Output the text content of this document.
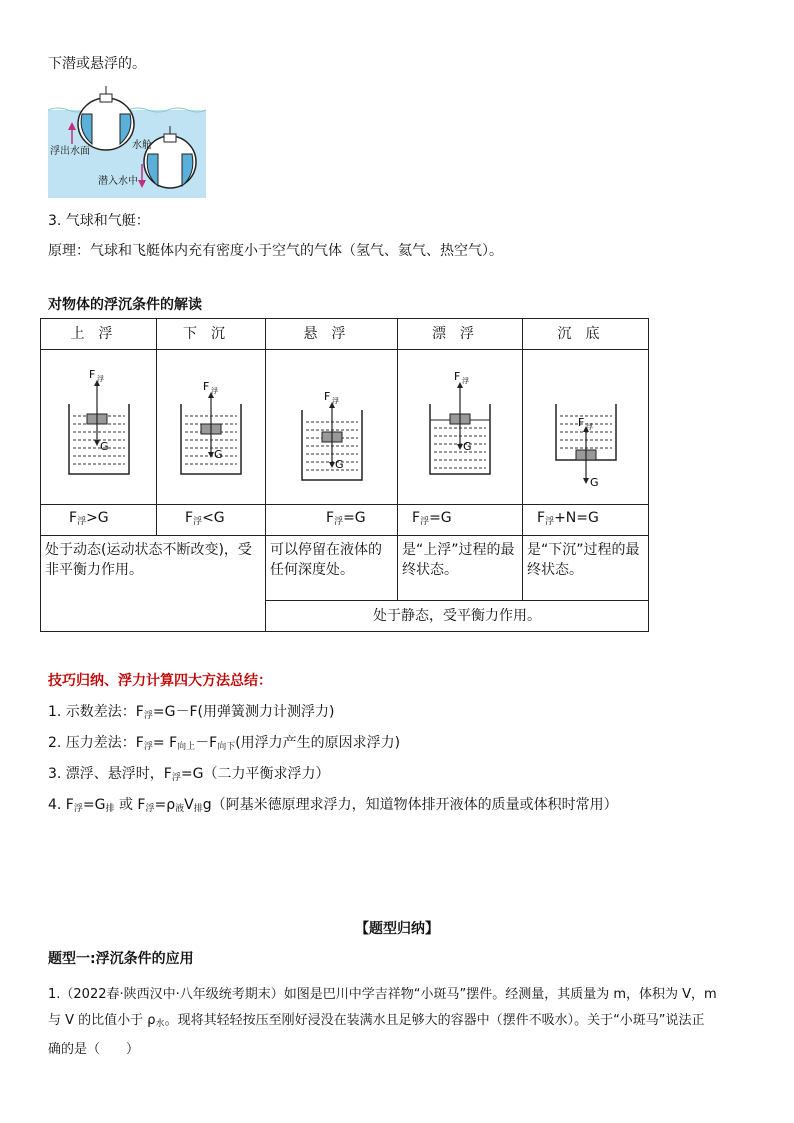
下潜或悬浮的。
浮出水面
水舱
潜入水中
3. 气球和气艇：
原理：气球和飞艇体内充有密度小于空气的气体（氢气、氦气、热空气）。
对物体的浮沉条件的解读
上浮	下沉	悬浮	漂浮	沉底

F 浮
G	F 浮
G	F 浮
G	F 浮
G	F 浮
G

$F_浮>G$	$F_浮<G$	$F_浮=G$	$F_浮=G$	$F_浮+N=G$
处于动态(运动状态不断改变)，受非平衡力作用。		可以停留在液体的任何深度处。	是“上浮”过程的最终状态。	是“下沉”过程的最终状态。
		处于静态，受平衡力作用。		
技巧归纳、浮力计算四大方法总结：
1. 示数差法：$F_浮=G-F$(用弹簧测力计测浮力)
2. 压力差法：$F_浮= F_{向上}-F_{向下}$(用浮力产生的原因求浮力)
3. 漂浮、悬浮时，$F_浮=G$（二力平衡求浮力）
4. $F_浮=G_排$ 或 $F_浮=\rho_液V_排g$（阿基米德原理求浮力，知道物体排开液体的质量或体积时常用）
【题型归纳】
题型一:浮沉条件的应用
1.（2022春·陕西汉中·八年级统考期末）如图是巴川中学吉祥物“小斑马”摆件。经测量，其质量为 m，体积为 V，m
与 V 的比值小于 $\rho_水$。现将其轻轻按压至刚好浸没在装满水且足够大的容器中（摆件不吸水）。关于“小斑马”说法正
确的是（　　）
